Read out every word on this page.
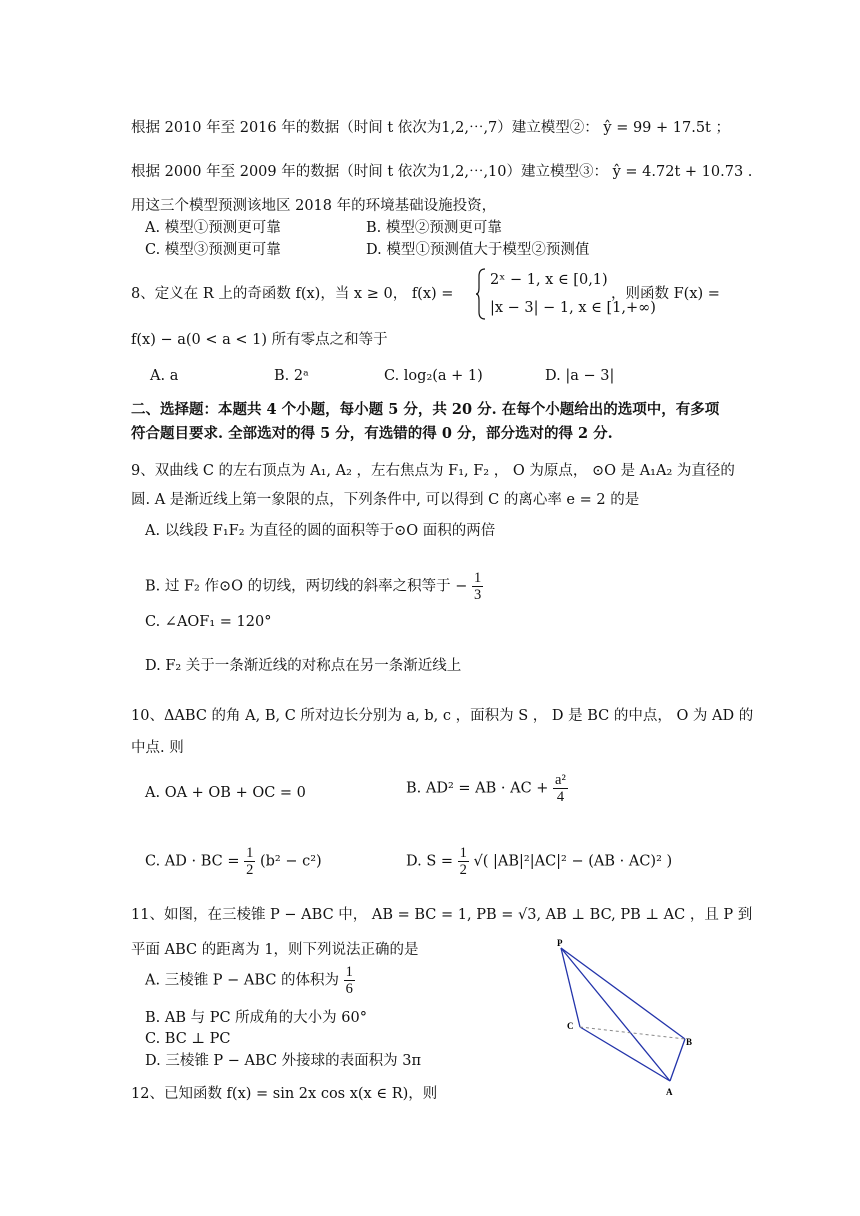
根据 2010 年至 2016 年的数据（时间 t 依次为1,2,⋯,7）建立模型②： ŷ = 99 + 17.5t ；
根据 2000 年至 2009 年的数据（时间 t 依次为1,2,⋯,10）建立模型③： ŷ = 4.72t + 10.73 .
用这三个模型预测该地区 2018 年的环境基础设施投资，
A. 模型①预测更可靠	B. 模型②预测更可靠
C. 模型③预测更可靠	D. 模型①预测值大于模型②预测值
8、定义在 R 上的奇函数 f(x)，当 x ≥ 0， f(x) =
2ˣ − 1, x ∈ [0,1)
|x − 3| − 1, x ∈ [1,+∞)
，则函数 F(x) =
f(x) − a(0 < a < 1) 所有零点之和等于
A. a	B. 2ᵃ	C. log₂(a + 1)	D. |a − 3|
二、选择题：本题共 4 个小题，每小题 5 分，共 20 分. 在每个小题给出的选项中，有多项
符合题目要求. 全部选对的得 5 分，有选错的得 0 分，部分选对的得 2 分.
9、双曲线 C 的左右顶点为 A₁, A₂ ，左右焦点为 F₁, F₂ ， O 为原点， ⊙O 是 A₁A₂ 为直径的
圆. A 是渐近线上第一象限的点，下列条件中, 可以得到 C 的离心率 e = 2 的是
A. 以线段 F₁F₂ 为直径的圆的面积等于⊙O 面积的两倍
B. 过 F₂ 作⊙O 的切线，两切线的斜率之积等于 − $\frac{1}{3}$
C. ∠AOF₁ = 120°
D. F₂ 关于一条渐近线的对称点在另一条渐近线上
10、ΔABC 的角 A, B, C 所对边长分别为 a, b, c ，面积为 S ， D 是 BC 的中点， O 为 AD 的
中点. 则
A. OA + OB + OC = 0	B. AD² = AB · AC + $\frac{\text{a²}}{4}$
C. AD · BC = $\frac{1}{2} (b^2 - c^2)$	D. $S = \frac{1}{2}$ √( |AB|²|AC|² − (AB · AC)² )
11、如图，在三棱锥 P − ABC 中， AB = BC = 1, PB = √3, AB ⊥ BC, PB ⊥ AC ，且 P 到
平面 ABC 的距离为 1，则下列说法正确的是
A. 三棱锥 P − ABC 的体积为 $\frac{1}{6}$
B. AB 与 PC 所成角的大小为 60°
C. BC ⊥ PC
D. 三棱锥 P − ABC 外接球的表面积为 3π
P
C
B
A
12、已知函数 f(x) = sin 2x cos x(x ∈ R)，则
